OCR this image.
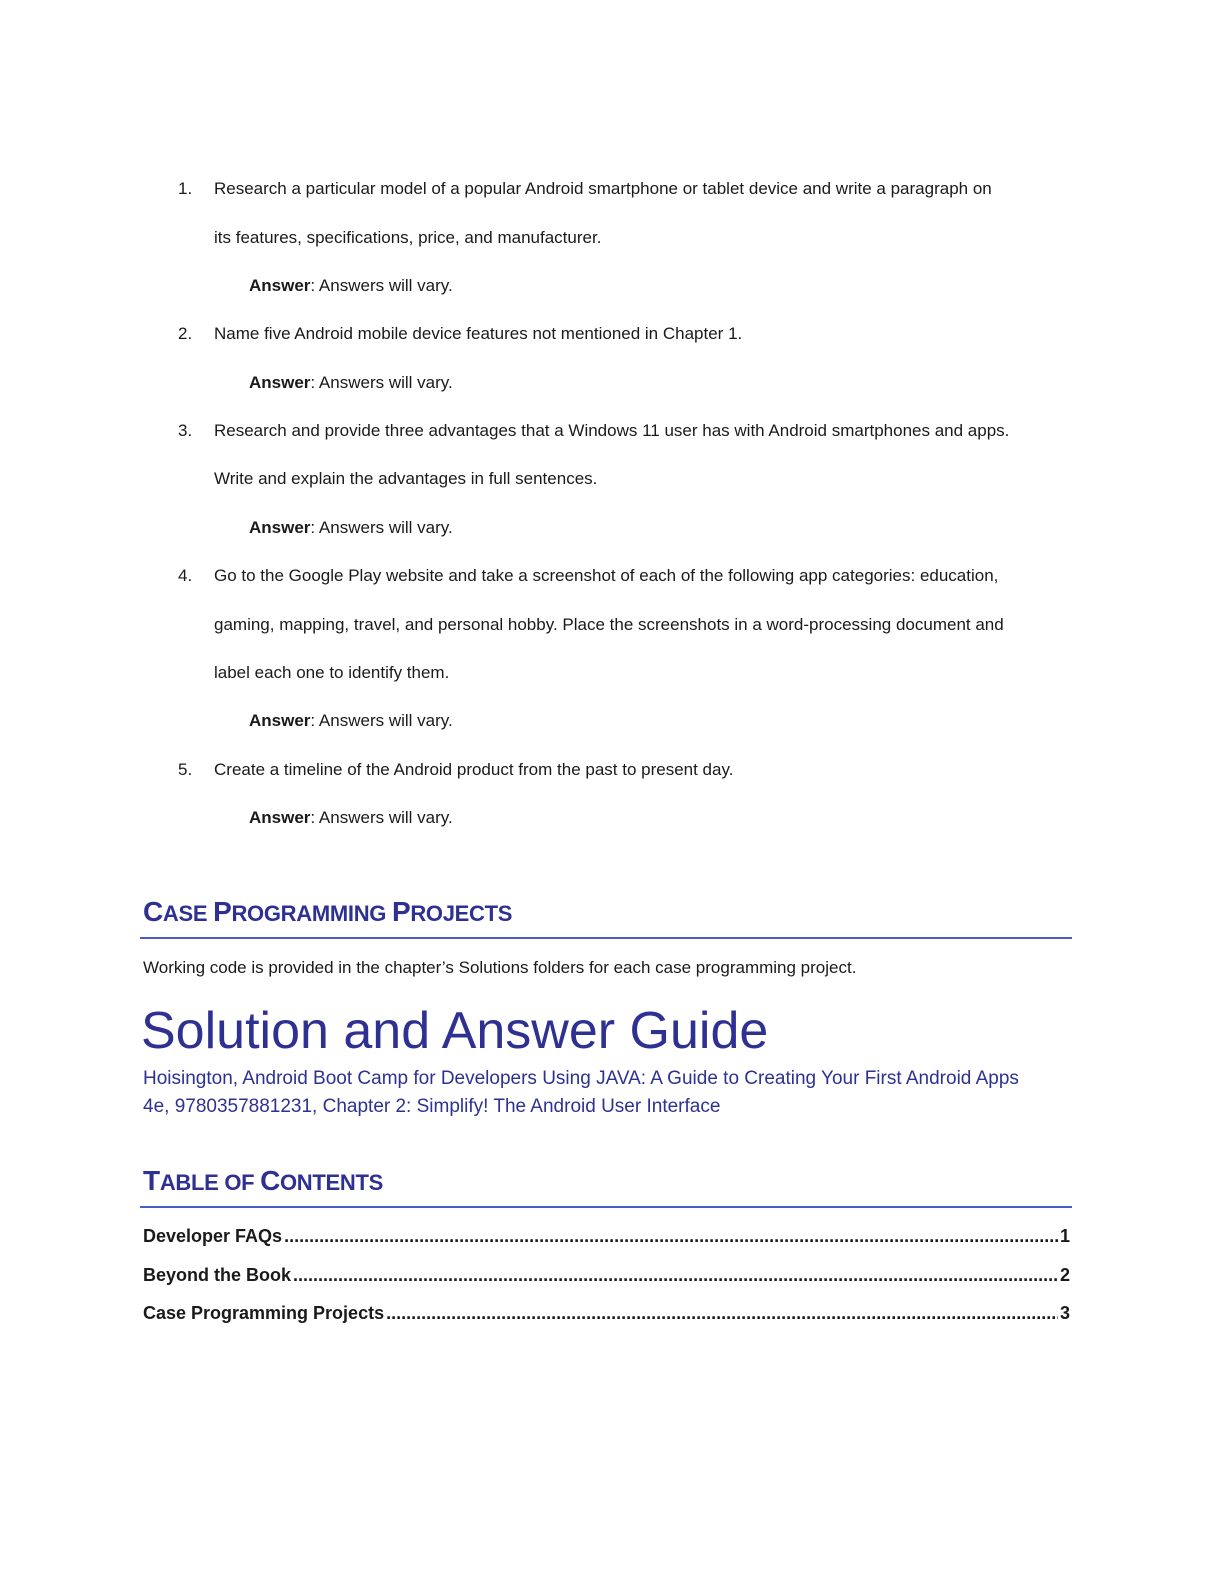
1. Research a particular model of a popular Android smartphone or tablet device and write a paragraph on
its features, specifications, price, and manufacturer.
Answer: Answers will vary.
2. Name five Android mobile device features not mentioned in Chapter 1.
Answer: Answers will vary.
3. Research and provide three advantages that a Windows 11 user has with Android smartphones and apps.
Write and explain the advantages in full sentences.
Answer: Answers will vary.
4. Go to the Google Play website and take a screenshot of each of the following app categories: education,
gaming, mapping, travel, and personal hobby. Place the screenshots in a word-processing document and
label each one to identify them.
Answer: Answers will vary.
5. Create a timeline of the Android product from the past to present day.
Answer: Answers will vary.
CASE PROGRAMMING PROJECTS
Working code is provided in the chapter’s Solutions folders for each case programming project.
Solution and Answer Guide
Hoisington, Android Boot Camp for Developers Using JAVA: A Guide to Creating Your First Android Apps
4e, 9780357881231, Chapter 2: Simplify! The Android User Interface
TABLE OF CONTENTS
Developer FAQs .....	1
Beyond the Book .....	2
Case Programming Projects .....	3
